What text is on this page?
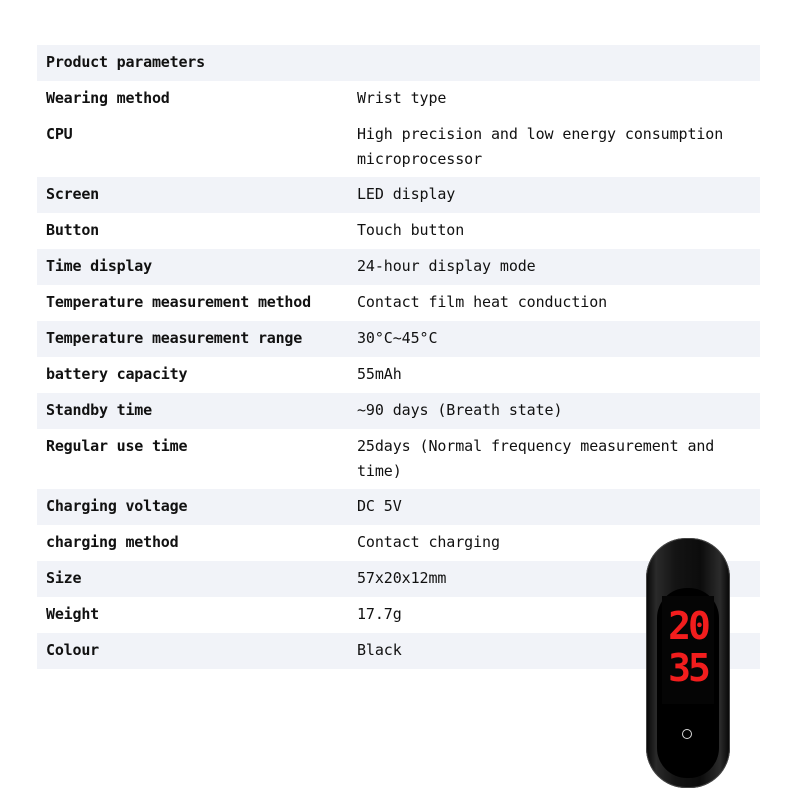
Product parameters
Wearing method	Wrist type
CPU	High precision and low energy consumption microprocessor
Screen	LED display
Button	Touch button
Time display	24-hour display mode
Temperature measurement method	Contact film heat conduction
Temperature measurement range	30°C~45°C
battery capacity	55mAh
Standby time	~90 days (Breath state)
Regular use time	25days (Normal frequency measurement and time)
Charging voltage	DC 5V
charging method	Contact charging
Size	57x20x12mm
Weight	17.7g
Colour	Black
20
35
